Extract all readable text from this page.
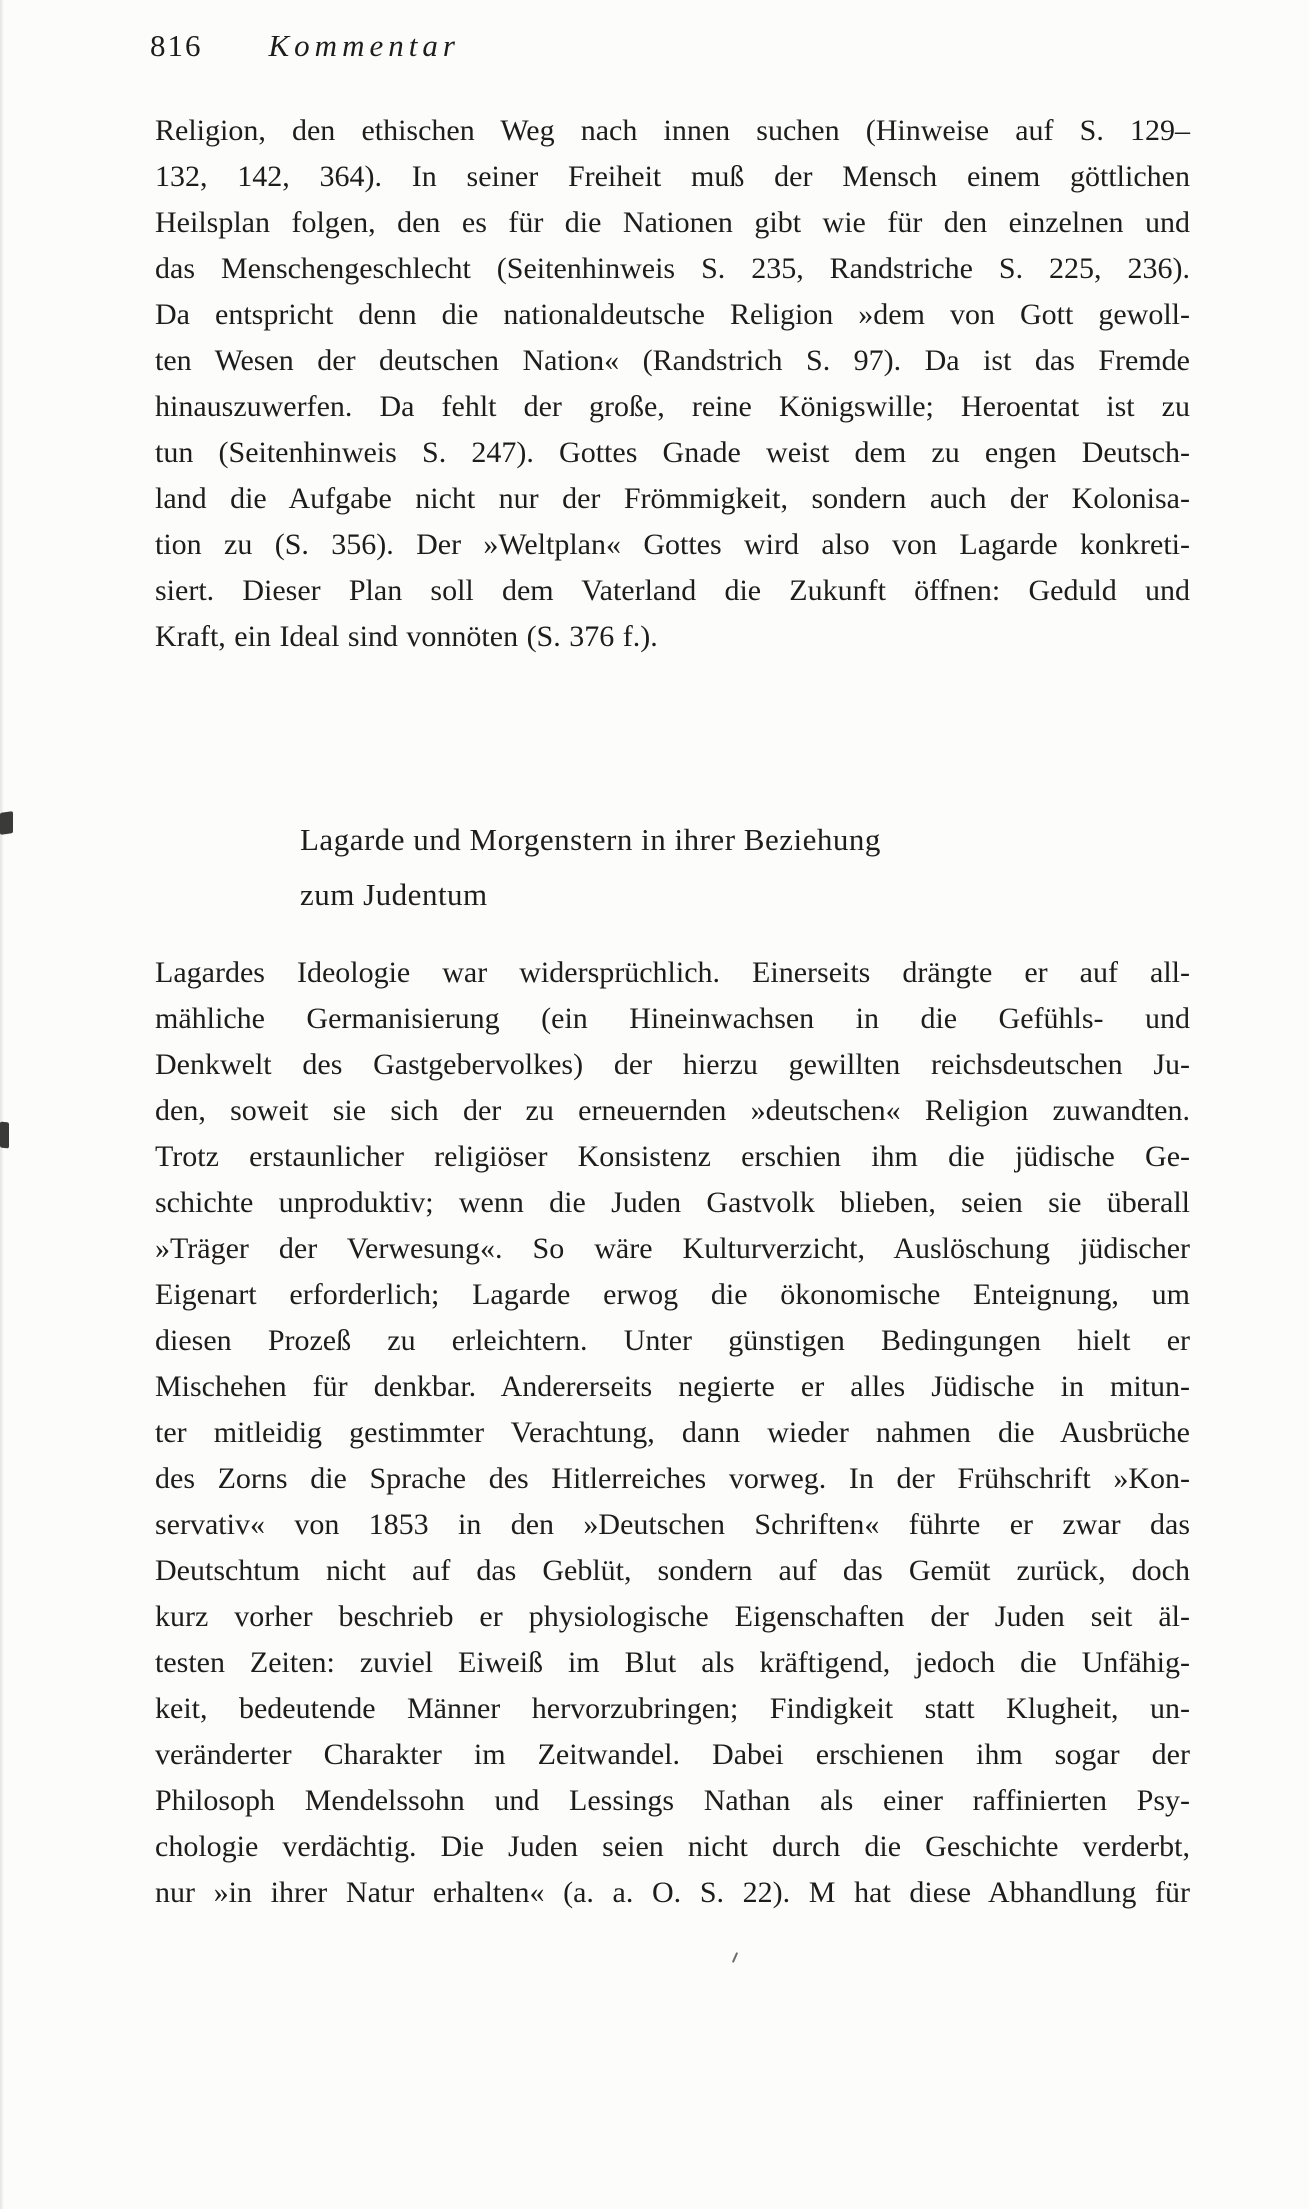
816 Kommentar
Religion, den ethischen Weg nach innen suchen (Hinweise auf S. 129–
132, 142, 364). In seiner Freiheit muß der Mensch einem göttlichen
Heilsplan folgen, den es für die Nationen gibt wie für den einzelnen und
das Menschengeschlecht (Seitenhinweis S. 235, Randstriche S. 225, 236).
Da entspricht denn die nationaldeutsche Religion »dem von Gott gewoll-
ten Wesen der deutschen Nation« (Randstrich S. 97). Da ist das Fremde
hinauszuwerfen. Da fehlt der große, reine Königswille; Heroentat ist zu
tun (Seitenhinweis S. 247). Gottes Gnade weist dem zu engen Deutsch-
land die Aufgabe nicht nur der Frömmigkeit, sondern auch der Kolonisa-
tion zu (S. 356). Der »Weltplan« Gottes wird also von Lagarde konkreti-
siert. Dieser Plan soll dem Vaterland die Zukunft öffnen: Geduld und
Kraft, ein Ideal sind vonnöten (S. 376 f.).
Lagarde und Morgenstern in ihrer Beziehung
zum Judentum
Lagardes Ideologie war widersprüchlich. Einerseits drängte er auf all-
mähliche Germanisierung (ein Hineinwachsen in die Gefühls- und
Denkwelt des Gastgebervolkes) der hierzu gewillten reichsdeutschen Ju-
den, soweit sie sich der zu erneuernden »deutschen« Religion zuwandten.
Trotz erstaunlicher religiöser Konsistenz erschien ihm die jüdische Ge-
schichte unproduktiv; wenn die Juden Gastvolk blieben, seien sie überall
»Träger der Verwesung«. So wäre Kulturverzicht, Auslöschung jüdischer
Eigenart erforderlich; Lagarde erwog die ökonomische Enteignung, um
diesen Prozeß zu erleichtern. Unter günstigen Bedingungen hielt er
Mischehen für denkbar. Andererseits negierte er alles Jüdische in mitun-
ter mitleidig gestimmter Verachtung, dann wieder nahmen die Ausbrüche
des Zorns die Sprache des Hitlerreiches vorweg. In der Frühschrift »Kon-
servativ« von 1853 in den »Deutschen Schriften« führte er zwar das
Deutschtum nicht auf das Geblüt, sondern auf das Gemüt zurück, doch
kurz vorher beschrieb er physiologische Eigenschaften der Juden seit äl-
testen Zeiten: zuviel Eiweiß im Blut als kräftigend, jedoch die Unfähig-
keit, bedeutende Männer hervorzubringen; Findigkeit statt Klugheit, un-
veränderter Charakter im Zeitwandel. Dabei erschienen ihm sogar der
Philosoph Mendelssohn und Lessings Nathan als einer raffinierten Psy-
chologie verdächtig. Die Juden seien nicht durch die Geschichte verderbt,
nur »in ihrer Natur erhalten« (a. a. O. S. 22). M hat diese Abhandlung für
